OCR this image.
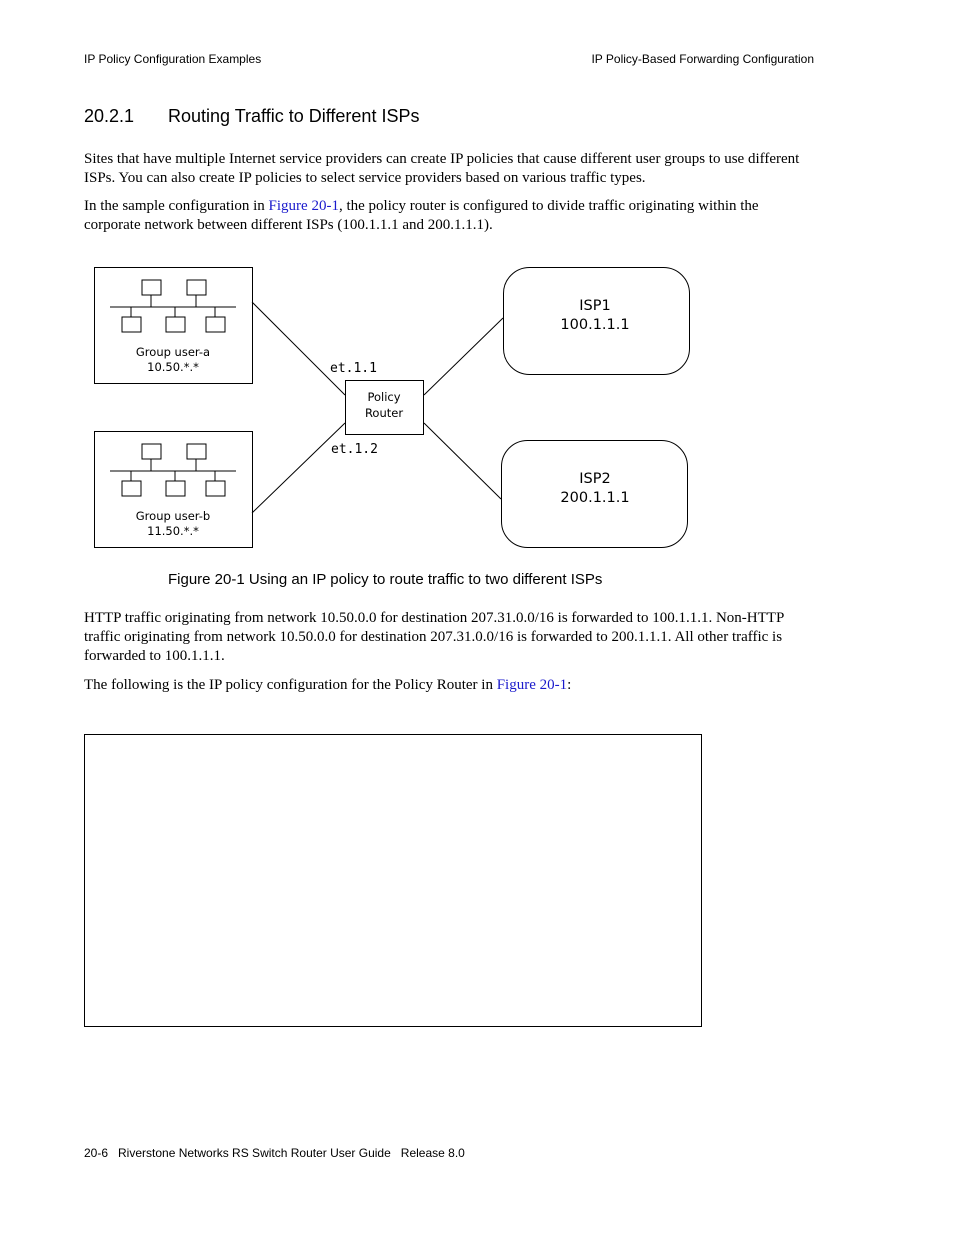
IP Policy Configuration Examples	IP Policy-Based Forwarding Configuration
20.2.1 Routing Traffic to Different ISPs
Sites that have multiple Internet service providers can create IP policies that cause different user groups to use different ISPs. You can also create IP policies to select service providers based on various traffic types.
In the sample configuration in Figure 20-1, the policy router is configured to divide traffic originating within the corporate network between different ISPs (100.1.1.1 and 200.1.1.1).
Group user-a
10.50.*.*
Group user-b
11.50.*.*
Policy
Router
et.1.1
et.1.2
ISP1
100.1.1.1
ISP2
200.1.1.1
Figure 20-1 Using an IP policy to route traffic to two different ISPs
HTTP traffic originating from network 10.50.0.0 for destination 207.31.0.0/16 is forwarded to 100.1.1.1. Non-HTTP traffic originating from network 10.50.0.0 for destination 207.31.0.0/16 is forwarded to 200.1.1.1. All other traffic is forwarded to 100.1.1.1.
The following is the IP policy configuration for the Policy Router in Figure 20-1:
20-6   Riverstone Networks RS Switch Router User Guide   Release 8.0
